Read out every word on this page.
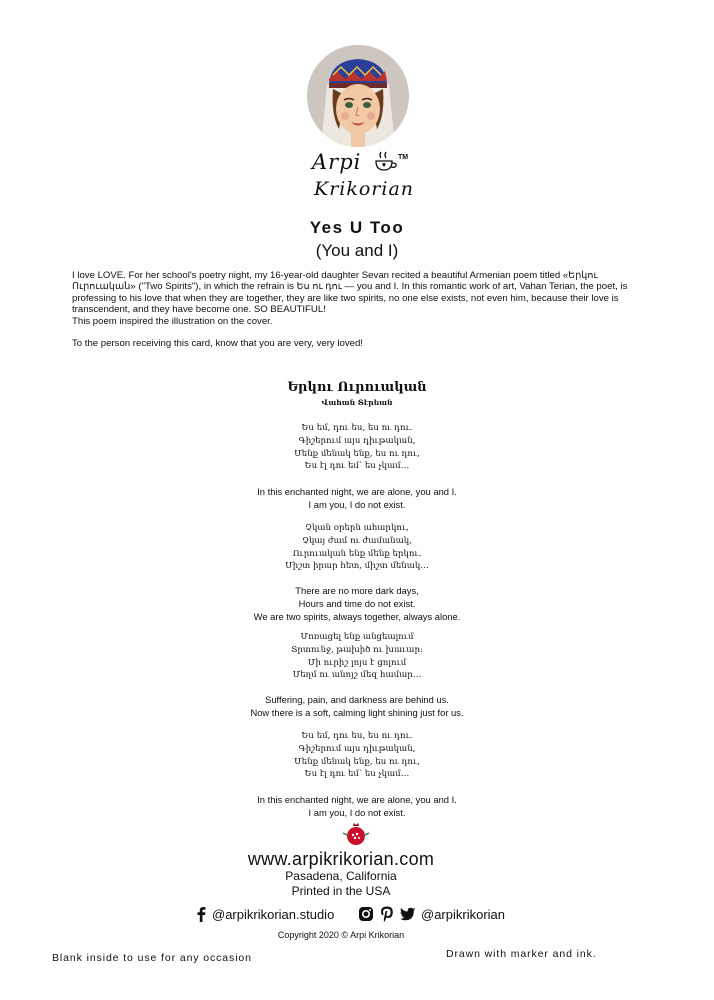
Arpi	TM
Krikorian
Yes U Too
(You and I)

I love LOVE. For her school's poetry night, my 16-year-old daughter Sevan recited a beautiful Armenian poem titled «Երկու Ուրուական» ("Two Spirits"), in which the refrain is Ես ու դու — you and I. In this romantic work of art, Vahan Terian, the poet, is professing to his love that when they are together, they are like two spirits, no one else exists, not even him, because their love is transcendent, and they have become one. SO BEAUTIFUL!

This poem inspired the illustration on the cover.

To the person receiving this card, know that you are very, very loved!

Երկու Ուրուական
Վահան Տէրեան
Ես եմ, դու ես, ես ու դու.
Գիշերում այս դիւթական,
Մենք մենակ ենք, ես ու դու,
Ես էլ դու եմ՝ ես չկամ…
In this enchanted night, we are alone, you and I.
I am you, I do not exist.
Չկան օրերն ահարկու,
Չկայ ժամ ու ժամանակ,
Ուրուական ենք մենք երկու.
Միշտ իրար հետ, միշտ մենակ…
There are no more dark days,
Hours and time do not exist.
We are two spirits, always together, always alone.
Մոռացել ենք անցեալում
Տրտունջ, թախիծ ու խաւար:
Մի ուրիշ լոյս է ցոլում
Մեղմ ու անոյշ մեզ համար…
Suffering, pain, and darkness are behind us.
Now there is a soft, calming light shining just for us.
Ես եմ, դու ես, ես ու դու.
Գիշերում այս դիւթական,
Մենք մենակ ենք, ես ու դու,
Ես էլ դու եմ՝ ես չկամ…
In this enchanted night, we are alone, you and I.
I am you, I do not exist.
www.arpikrikorian.com
Pasadena, California
Printed in the USA
@arpikrikorian.studio	@arpikrikorian
Copyright 2020 © Arpi Krikorian
Blank inside to use for any occasion	Drawn with marker and ink.
